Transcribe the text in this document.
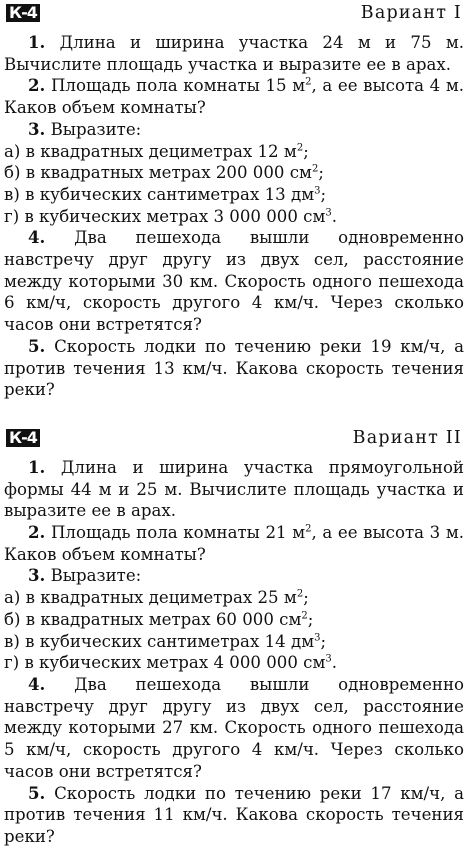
К-4	Вариант I

1. Длина и ширина участка 24 м и 75 м. Вычислите площадь участка и выразите ее в арах.

2. Площадь пола комнаты 15 $м^2$, а ее высота 4 м. Каков объем комнаты?

3. Выразите:

а) в квадратных дециметрах 12 $м^2$;

б) в квадратных метрах 200 000 $см^2$;

в) в кубических сантиметрах 13 $дм^3$;

г) в кубических метрах 3 000 000 $см^3$.

4. Два пешехода вышли одновременно навстречу друг другу из двух сел, расстояние между которыми 30 км. Скорость одного пешехода 6 км/ч, скорость другого 4 км/ч. Через сколько часов они встретятся?

5. Скорость лодки по течению реки 19 км/ч, а против течения 13 км/ч. Какова скорость течения реки?

К-4	Вариант II

1. Длина и ширина участка прямоугольной формы 44 м и 25 м. Вычислите площадь участка и выразите ее в арах.

2. Площадь пола комнаты 21 $м^2$, а ее высота 3 м. Каков объем комнаты?

3. Выразите:

а) в квадратных дециметрах 25 $м^2$;

б) в квадратных метрах 60 000 $см^2$;

в) в кубических сантиметрах 14 $дм^3$;

г) в кубических метрах 4 000 000 $см^3$.

4. Два пешехода вышли одновременно навстречу друг другу из двух сел, расстояние между которыми 27 км. Скорость одного пешехода 5 км/ч, скорость другого 4 км/ч. Через сколько часов они встретятся?

5. Скорость лодки по течению реки 17 км/ч, а против течения 11 км/ч. Какова скорость течения реки?
